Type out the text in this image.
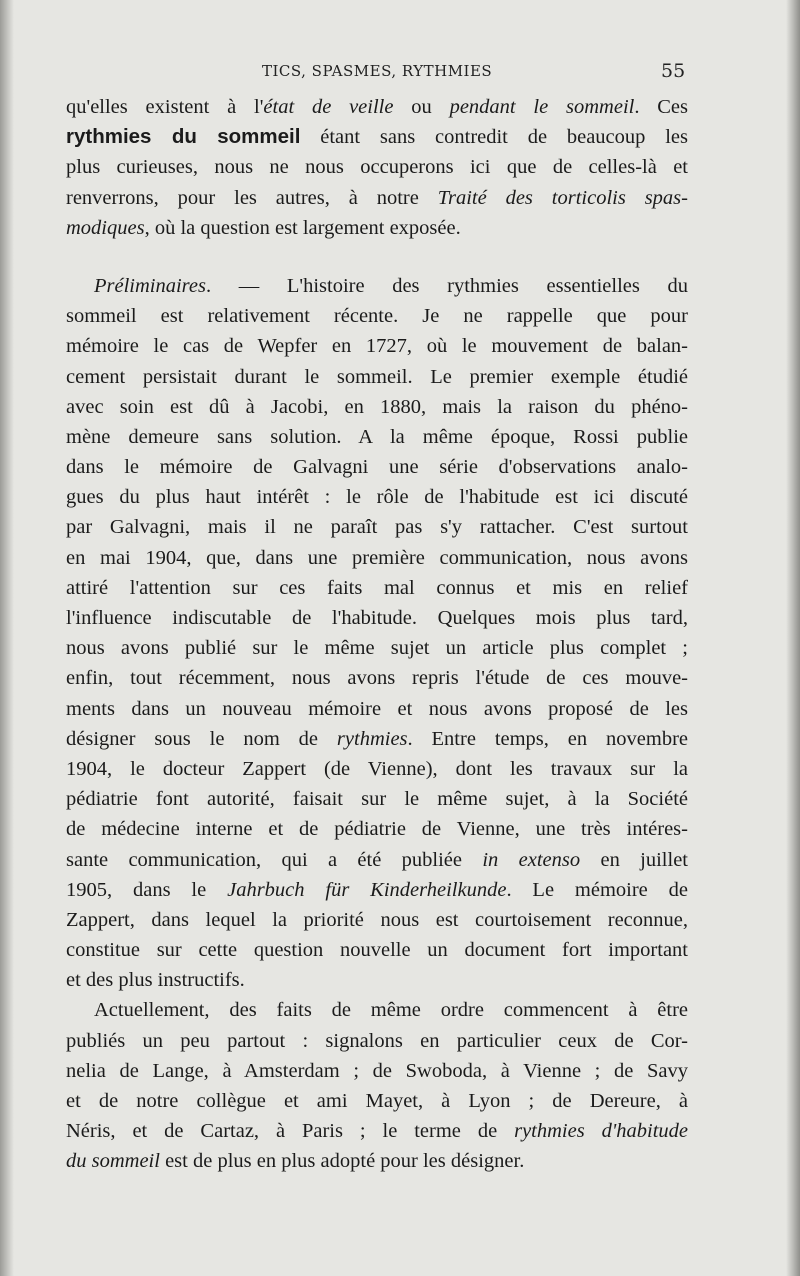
TICS, SPASMES, RYTHMIES	55
qu'elles existent à l'état de veille ou pendant le sommeil. Ces
rythmies du sommeil étant sans contredit de beaucoup les
plus curieuses, nous ne nous occuperons ici que de celles-là et
renverrons, pour les autres, à notre Traité des torticolis spas-
modiques, où la question est largement exposée.
Préliminaires. — L'histoire des rythmies essentielles du
sommeil est relativement récente. Je ne rappelle que pour
mémoire le cas de Wepfer en 1727, où le mouvement de balan-
cement persistait durant le sommeil. Le premier exemple étudié
avec soin est dû à Jacobi, en 1880, mais la raison du phéno-
mène demeure sans solution. A la même époque, Rossi publie
dans le mémoire de Galvagni une série d'observations analo-
gues du plus haut intérêt : le rôle de l'habitude est ici discuté
par Galvagni, mais il ne paraît pas s'y rattacher. C'est surtout
en mai 1904, que, dans une première communication, nous avons
attiré l'attention sur ces faits mal connus et mis en relief
l'influence indiscutable de l'habitude. Quelques mois plus tard,
nous avons publié sur le même sujet un article plus complet ;
enfin, tout récemment, nous avons repris l'étude de ces mouve-
ments dans un nouveau mémoire et nous avons proposé de les
désigner sous le nom de rythmies. Entre temps, en novembre
1904, le docteur Zappert (de Vienne), dont les travaux sur la
pédiatrie font autorité, faisait sur le même sujet, à la Société
de médecine interne et de pédiatrie de Vienne, une très intéres-
sante communication, qui a été publiée in extenso en juillet
1905, dans le Jahrbuch für Kinderheilkunde. Le mémoire de
Zappert, dans lequel la priorité nous est courtoisement reconnue,
constitue sur cette question nouvelle un document fort important
et des plus instructifs.
Actuellement, des faits de même ordre commencent à être
publiés un peu partout : signalons en particulier ceux de Cor-
nelia de Lange, à Amsterdam ; de Swoboda, à Vienne ; de Savy
et de notre collègue et ami Mayet, à Lyon ; de Dereure, à
Néris, et de Cartaz, à Paris ; le terme de rythmies d'habitude
du sommeil est de plus en plus adopté pour les désigner.
